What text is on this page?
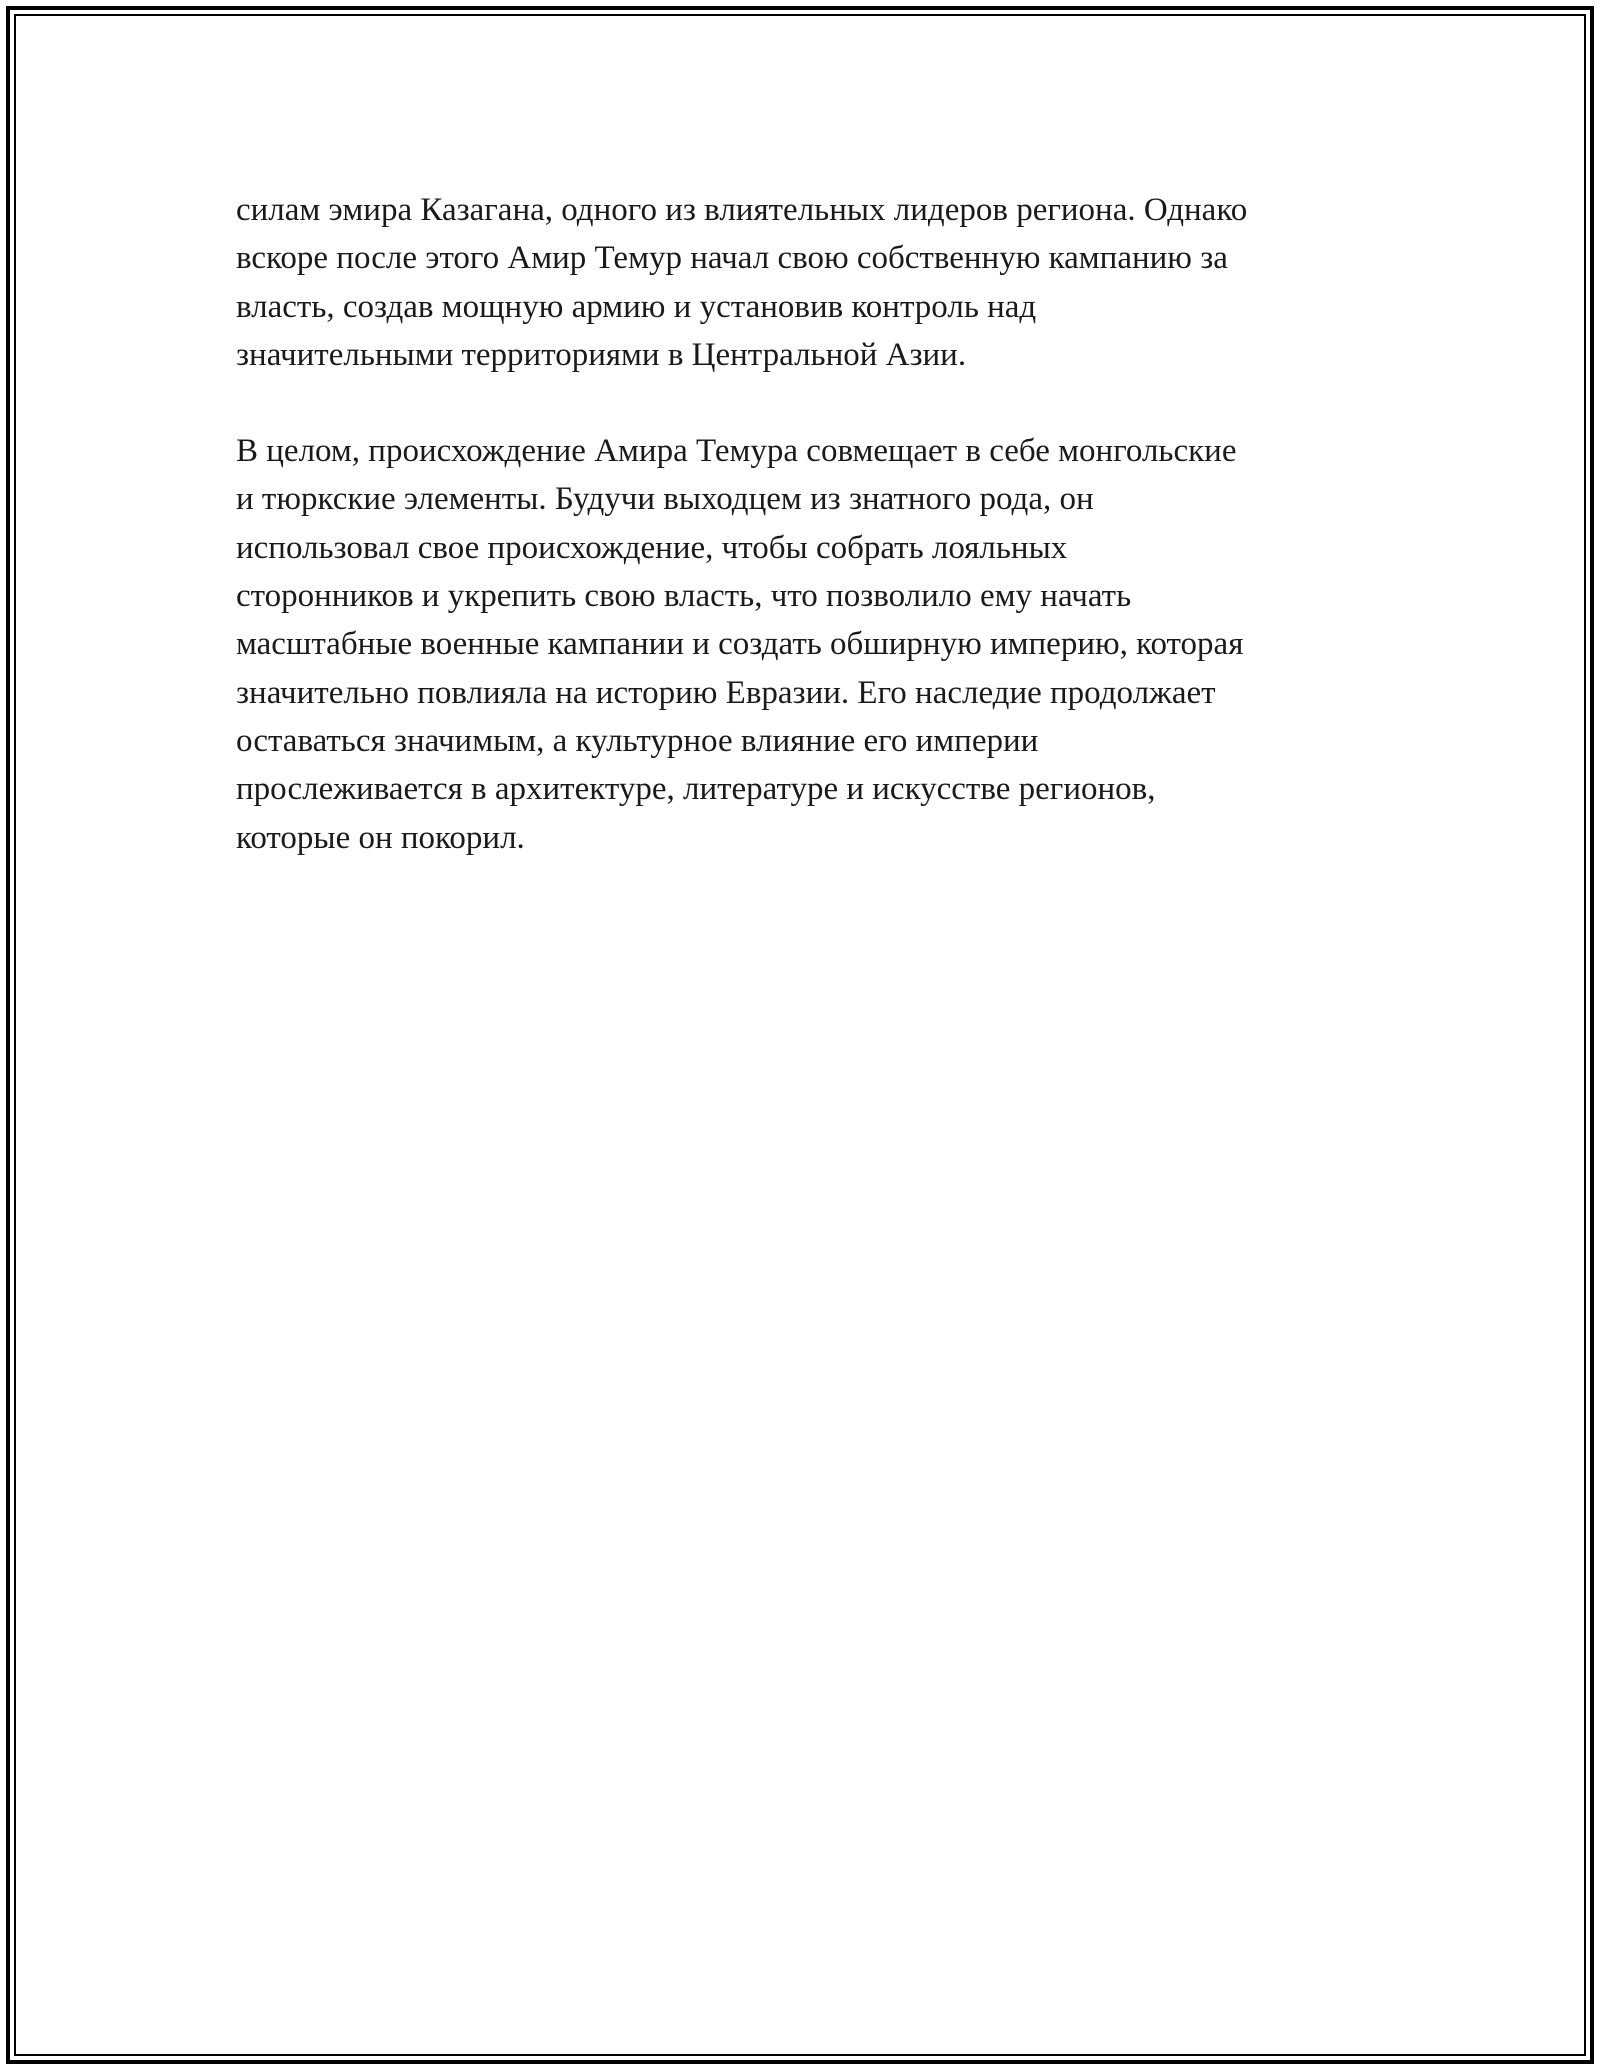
силам эмира Казагана, одного из влиятельных лидеров региона. Однако
вскоре после этого Амир Темур начал свою собственную кампанию за
власть, создав мощную армию и установив контроль над
значительными территориями в Центральной Азии.

В целом, происхождение Амира Темура совмещает в себе монгольские
и тюркские элементы. Будучи выходцем из знатного рода, он
использовал свое происхождение, чтобы собрать лояльных
сторонников и укрепить свою власть, что позволило ему начать
масштабные военные кампании и создать обширную империю, которая
значительно повлияла на историю Евразии. Его наследие продолжает
оставаться значимым, а культурное влияние его империи
прослеживается в архитектуре, литературе и искусстве регионов,
которые он покорил.
